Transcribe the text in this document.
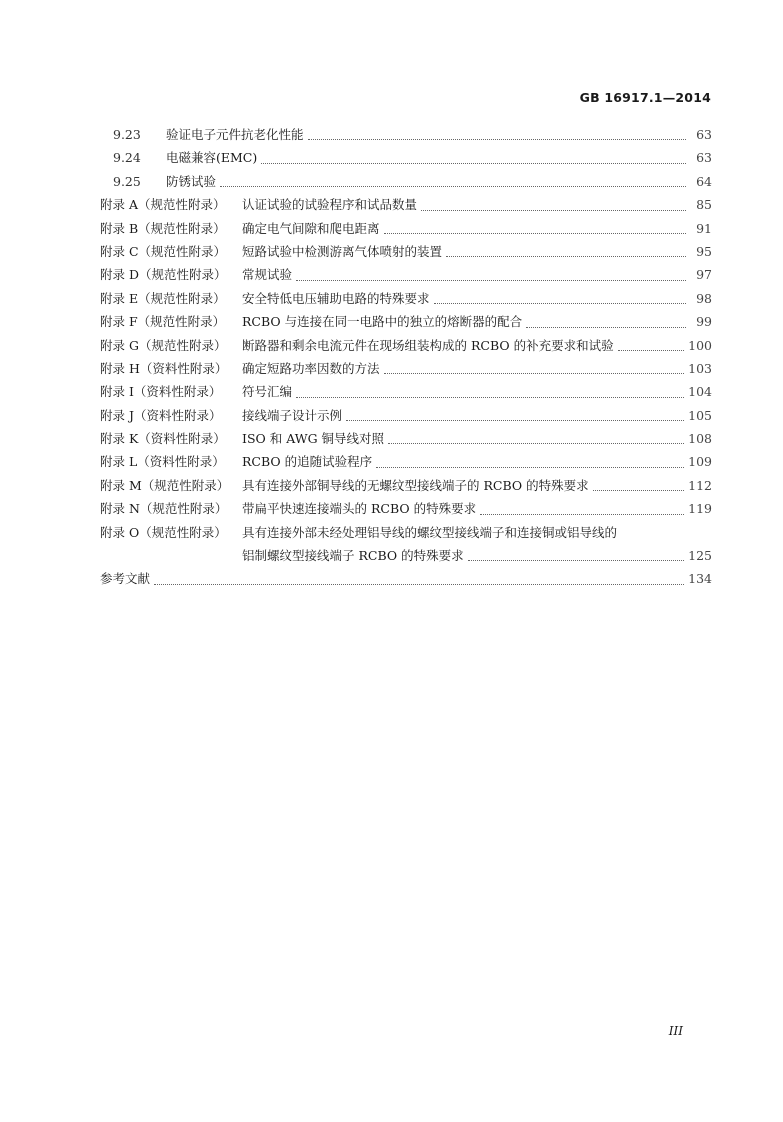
GB 16917.1—2014
9.23	验证电子元件抗老化性能	63
9.24	电磁兼容(EMC)	63
9.25	防锈试验	64
附录 A（规范性附录）	认证试验的试验程序和试品数量	85
附录 B（规范性附录）	确定电气间隙和爬电距离	91
附录 C（规范性附录）	短路试验中检测游离气体喷射的装置	95
附录 D（规范性附录）	常规试验	97
附录 E（规范性附录）	安全特低电压辅助电路的特殊要求	98
附录 F（规范性附录）	RCBO 与连接在同一电路中的独立的熔断器的配合	99
附录 G（规范性附录）	断路器和剩余电流元件在现场组装构成的 RCBO 的补充要求和试验	100
附录 H（资料性附录）	确定短路功率因数的方法	103
附录 I（资料性附录）	符号汇编	104
附录 J（资料性附录）	接线端子设计示例	105
附录 K（资料性附录）	ISO 和 AWG 铜导线对照	108
附录 L（资料性附录）	RCBO 的追随试验程序	109
附录 M（规范性附录）	具有连接外部铜导线的无螺纹型接线端子的 RCBO 的特殊要求	112
附录 N（规范性附录）	带扁平快速连接端头的 RCBO 的特殊要求	119
附录 O（规范性附录）	具有连接外部未经处理铝导线的螺纹型接线端子和连接铜或铝导线的
铝制螺纹型接线端子 RCBO 的特殊要求	125
参考文献	134
III
